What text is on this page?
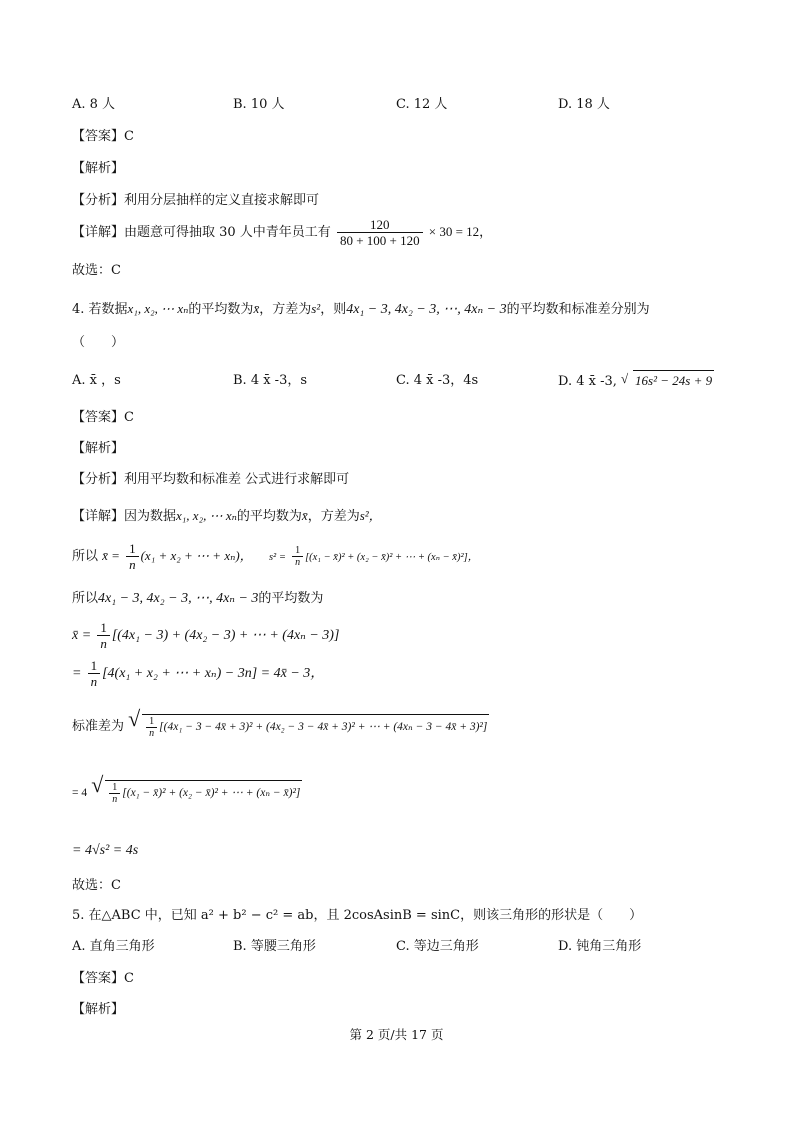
A. 8 人	B. 10 人	C. 12 人	D. 18 人
【答案】C
【解析】
【分析】利用分层抽样的定义直接求解即可
【详解】由题意可得抽取 30 人中青年员工有 $\frac{120}{80 + 100 + 120} \times 30 = 12$，
故选：C
4. 若数据x₁, x₂, ⋯ xₙ的平均数为x̄，方差为s²，则4x₁ − 3, 4x₂ − 3, ⋯, 4xₙ − 3的平均数和标准差分别为
（　　）
A. x̄ ，s	B. 4 x̄ -3，s	C. 4 x̄ -3，4s	D. 4 x̄ -3, √ 16s² − 24s + 9
【答案】C
【解析】
【分析】利用平均数和标准差 公式进行求解即可
【详解】因为数据x₁, x₂, ⋯ xₙ的平均数为x̄，方差为s²，
所以 x̄ = $\frac{1}{n} (x_1 + x_2$ + ⋯ + xₙ)， $s^2 = \frac{1}{n} [(x_1$ − x̄)² + (x₂ − x̄)² + ⋯ + (xₙ − x̄)²]，
所以4x₁ − 3, 4x₂ − 3, ⋯, 4xₙ − 3的平均数为
x̄ = $\frac{1}{n} [(4x_1 - 3) + (4x_2 - 3)$ + ⋯ + (4xₙ − 3)]
= $\frac{1}{n} [4(x_1 + x_2$ + ⋯ + xₙ) − 3n] = 4x̄ − 3，
标准差为 √ $\frac{1}{n} [(4x_1 - 3$ − 4x̄ + 3)² + (4x₂ − 3 − 4x̄ + 3)² + ⋯ + (4xₙ − 3 − 4x̄ + 3)²]
= 4 √ $\frac{1}{n} [(x_1$ − x̄)² + (x₂ − x̄)² + ⋯ + (xₙ − x̄)²]
= 4√s² = 4s
故选：C
5. 在△ABC 中，已知 a² + b² − c² = ab，且 2cosAsinB = sinC，则该三角形的形状是（　　）
A. 直角三角形	B. 等腰三角形	C. 等边三角形	D. 钝角三角形
【答案】C
【解析】
第 2 页/共 17 页
